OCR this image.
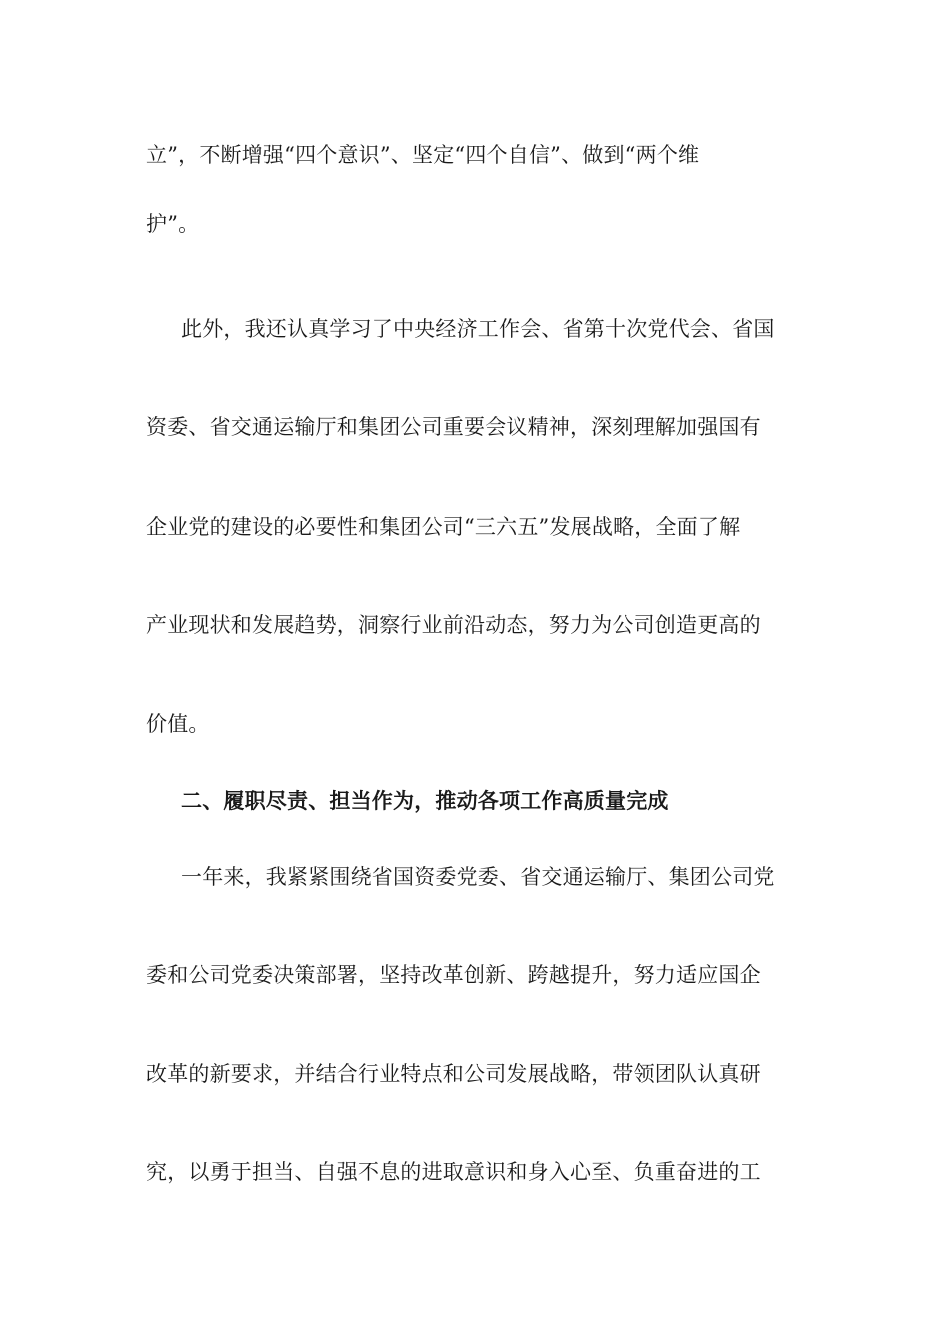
立”，不断增强“四个意识”、坚定“四个自信”、做到“两个维
护”。
此外，我还认真学习了中央经济工作会、省第十次党代会、省国
资委、省交通运输厅和集团公司重要会议精神，深刻理解加强国有
企业党的建设的必要性和集团公司“三六五”发展战略，全面了解
产业现状和发展趋势，洞察行业前沿动态，努力为公司创造更高的
价值。
二、履职尽责、担当作为，推动各项工作高质量完成
一年来，我紧紧围绕省国资委党委、省交通运输厅、集团公司党
委和公司党委决策部署，坚持改革创新、跨越提升，努力适应国企
改革的新要求，并结合行业特点和公司发展战略，带领团队认真研
究，以勇于担当、自强不息的进取意识和身入心至、负重奋进的工
